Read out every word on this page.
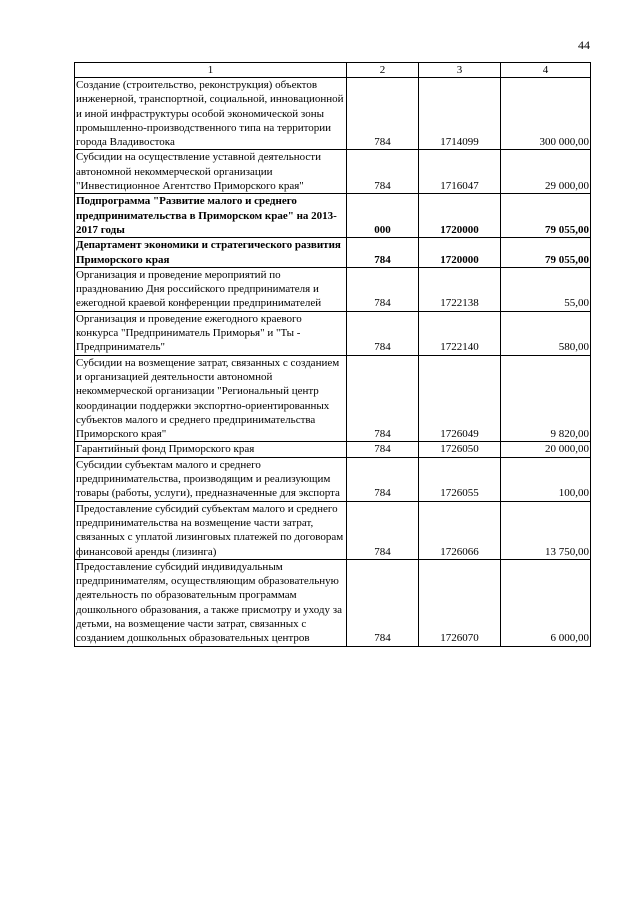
44
1	2	3	4
Создание (строительство, реконструкция) объектов инженерной, транспортной, социальной, инновационной и иной инфраструктуры особой экономической зоны промышленно-производственного типа на территории города Владивостока	784	1714099	300 000,00
Субсидии на осуществление уставной деятельности автономной некоммерческой организации "Инвестиционное Агентство Приморского края"	784	1716047	29 000,00
Подпрограмма "Развитие малого и среднего предпринимательства в Приморском крае" на 2013-2017 годы	000	1720000	79 055,00
Департамент экономики и стратегического развития Приморского края	784	1720000	79 055,00
Организация и проведение мероприятий по празднованию Дня российского предпринимателя и ежегодной краевой конференции предпринимателей	784	1722138	55,00
Организация и проведение ежегодного краевого конкурса "Предприниматель Приморья" и "Ты - Предприниматель"	784	1722140	580,00
Субсидии на возмещение затрат, связанных с созданием и организацией деятельности автономной некоммерческой организации "Региональный центр координации поддержки экспортно-ориентированных субъектов малого и среднего предпринимательства Приморского края"	784	1726049	9 820,00
Гарантийный фонд Приморского края	784	1726050	20 000,00
Субсидии субъектам малого и среднего предпринимательства, производящим и реализующим товары (работы, услуги), предназначенные для экспорта	784	1726055	100,00
Предоставление субсидий субъектам малого и среднего предпринимательства на возмещение части затрат, связанных с уплатой лизинговых платежей по договорам финансовой аренды (лизинга)	784	1726066	13 750,00
Предоставление субсидий индивидуальным предпринимателям, осуществляющим образовательную деятельность по образовательным программам дошкольного образования, а также присмотру и уходу за детьми, на возмещение части затрат, связанных с созданием дошкольных образовательных центров	784	1726070	6 000,00
